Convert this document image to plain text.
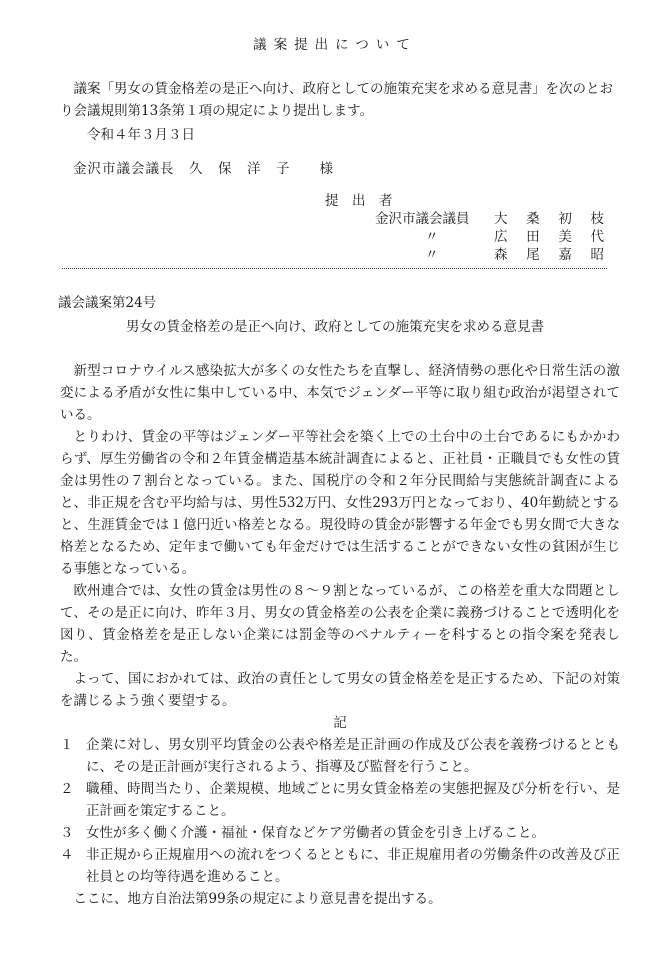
議案提出について
議案「男女の賃金格差の是正へ向け、政府としての施策充実を求める意見書」を次のとおり会議規則第13条第１項の規定により提出します。
令和４年３月３日
金沢市議会議長　久　保　洋　子　　様
提　出　者
金沢市議会議員 大 桑 初 枝
〃	広 田 美 代
〃	森 尾 嘉 昭
議会議案第24号
男女の賃金格差の是正へ向け、政府としての施策充実を求める意見書

新型コロナウイルス感染拡大が多くの女性たちを直撃し、経済情勢の悪化や日常生活の激変による矛盾が女性に集中している中、本気でジェンダー平等に取り組む政治が渇望されている。

とりわけ、賃金の平等はジェンダー平等社会を築く上での土台中の土台であるにもかかわらず、厚生労働省の令和２年賃金構造基本統計調査によると、正社員・正職員でも女性の賃金は男性の７割台となっている。また、国税庁の令和２年分民間給与実態統計調査によると、非正規を含む平均給与は、男性532万円、女性293万円となっており、40年勤続とすると、生涯賃金では１億円近い格差となる。現役時の賃金が影響する年金でも男女間で大きな格差となるため、定年まで働いても年金だけでは生活することができない女性の貧困が生じる事態となっている。

欧州連合では、女性の賃金は男性の８～９割となっているが、この格差を重大な問題として、その是正に向け、昨年３月、男女の賃金格差の公表を企業に義務づけることで透明化を図り、賃金格差を是正しない企業には罰金等のペナルティーを科するとの指令案を発表した。

よって、国におかれては、政治の責任として男女の賃金格差を是正するため、下記の対策を講じるよう強く要望する。

記

１ 企業に対し、男女別平均賃金の公表や格差是正計画の作成及び公表を義務づけるとともに、その是正計画が実行されるよう、指導及び監督を行うこと。
２ 職種、時間当たり、企業規模、地域ごとに男女賃金格差の実態把握及び分析を行い、是正計画を策定すること。
３ 女性が多く働く介護・福祉・保育などケア労働者の賃金を引き上げること。
４ 非正規から正規雇用への流れをつくるとともに、非正規雇用者の労働条件の改善及び正社員との均等待遇を進めること。

ここに、地方自治法第99条の規定により意見書を提出する。
